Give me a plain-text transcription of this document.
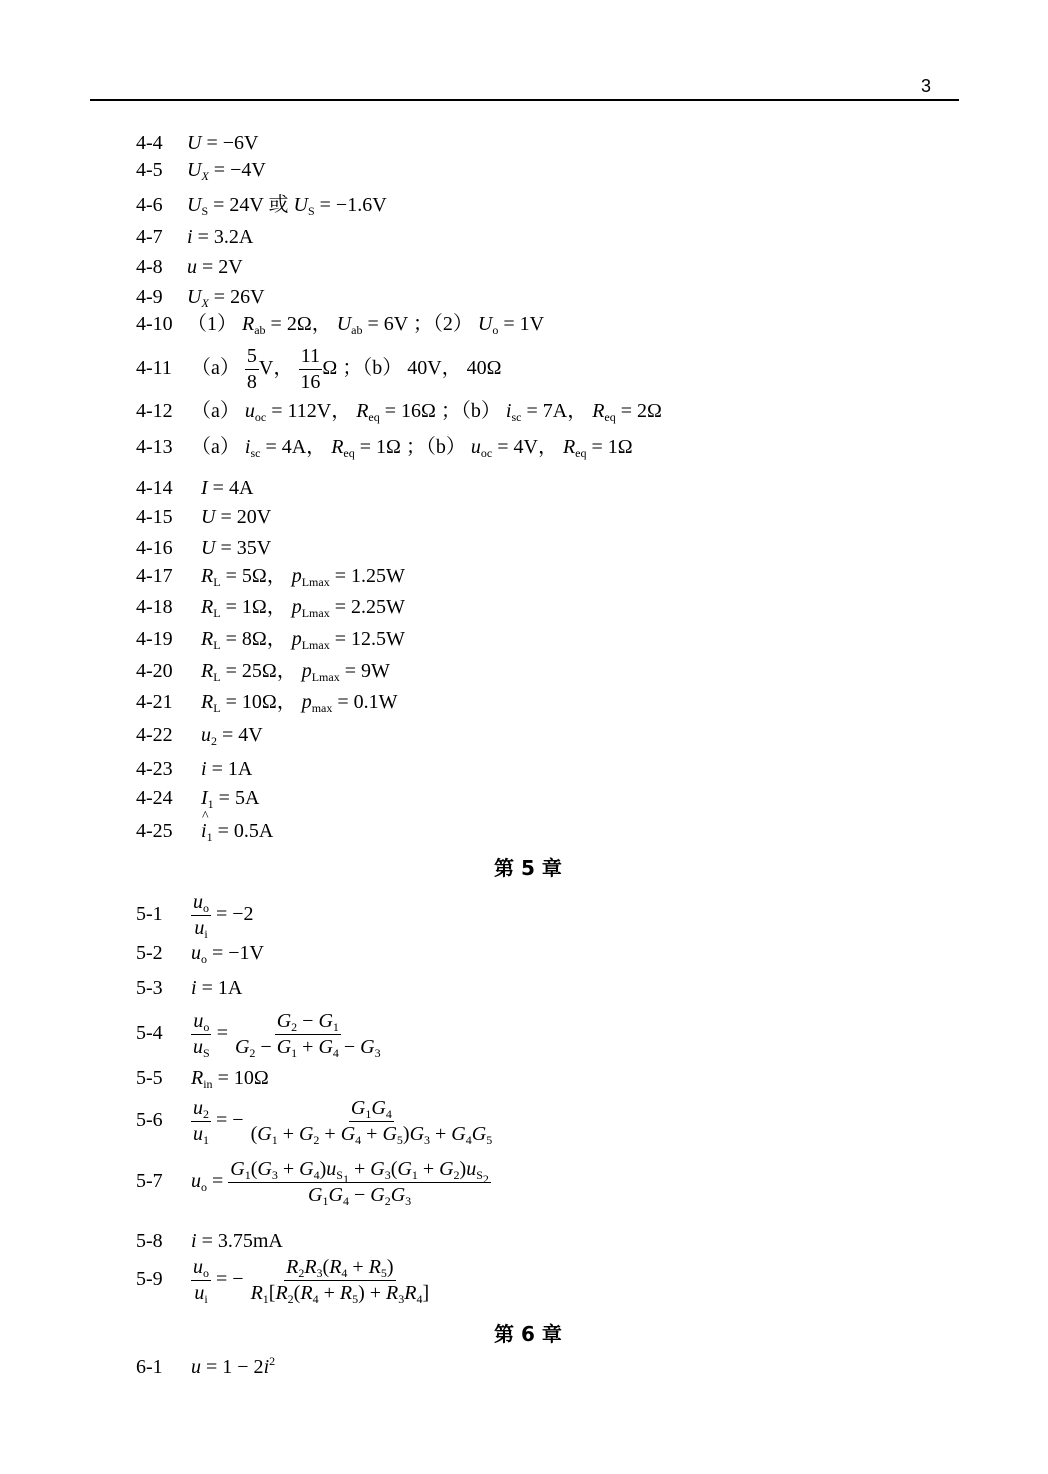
3
4-4 U = −6V
4-5 $U_X = -4V$
4-6 $U_S = 24V$ 或 $U_S = -1.6V$
4-7 i = 3.2A
4-8 u = 2V
4-9 $U_X = 26V$
4-10 （1） $R_{ab} = 2\Omega$， $U_{ab} = 6V$ ；（2） $U_o = 1V$
4-11 $(a) \frac{5}{8}$ V， $\frac{11}{16}$ Ω ；（b） 40V， 40Ω
4-12 （a） $u_{oc} = 112V$， $R_{eq} = 16\Omega$ ；（b） $i_{sc} = 7A$， $R_{eq} = 2\Omega$
4-13 （a） $i_{sc} = 4A$， $R_{eq} = 1\Omega$ ；（b） $u_{oc} = 4V$， $R_{eq} = 1\Omega$
4-14 I = 4A
4-15 U = 20V
4-16 U = 35V
4-17 $R_L = 5\Omega$， $p_{Lmax} = 1.25W$
4-18 $R_L = 1\Omega$， $p_{Lmax} = 2.25W$
4-19 $R_L = 8\Omega$， $p_{Lmax} = 12.5W$
4-20 $R_L = 25\Omega$， $p_{Lmax} = 9W$
4-21 $R_L = 10\Omega$， $p_{max} = 0.1W$
4-22 $u_2 = 4V$
4-23 i = 1A
4-24 $I_1 = 5A$
4-25 ^ $i_1 = 0.5A$
第 5 章
$5-1 \frac{u_o}{u_i} = -2$
5-2 $u_o = -1V$
5-3 i = 1A
$5-4 \frac{u_o}{u_S} = \frac{G_2 - G_1}{G_2 - G_1 + G_4 - G_3}$
5-5 $R_{in} = 10\Omega$
$5-6 \frac{u_2}{u_1}$ = − $\frac{G_1G_4}{(G_1 + G_2 + G_4 + G_5)G_3 + G_4G_5}$
5-7 $u_o = \frac{G_1(G_3 + G_4)u_{S_1} + G_3(G_1 + G_2)u_{S_2}}{G_1G_4 - G_2G_3}$
5-8 i = 3.75mA
$5-9 \frac{u_o}{u_i}$ = − $\frac{R_2R_3(R_4 + R_5)}{R_1[R_2(R_4 + R_5) + R_3R_4]}$
第 6 章
6-1 $u = 1 - 2i^2$
